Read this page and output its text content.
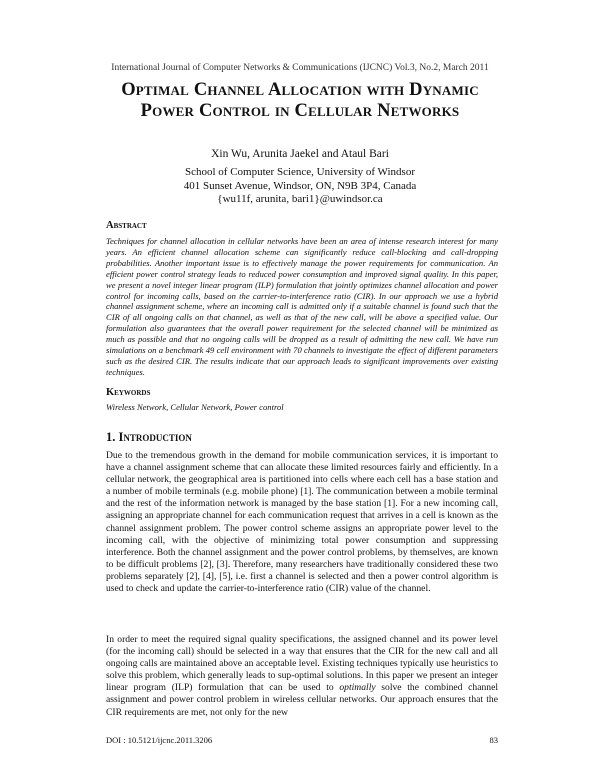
International Journal of Computer Networks & Communications (IJCNC) Vol.3, No.2, March 2011
Optimal Channel Allocation with Dynamic
Power Control in Cellular Networks
Xin Wu, Arunita Jaekel and Ataul Bari
School of Computer Science, University of Windsor
401 Sunset Avenue, Windsor, ON, N9B 3P4, Canada
{wu11f, arunita, bari1}@uwindsor.ca
Abstract
Techniques for channel allocation in cellular networks have been an area of intense research interest for many years. An efficient channel allocation scheme can significantly reduce call-blocking and call-dropping probabilities. Another important issue is to effectively manage the power requirements for communication. An efficient power control strategy leads to reduced power consumption and improved signal quality. In this paper, we present a novel integer linear program (ILP) formulation that jointly optimizes channel allocation and power control for incoming calls, based on the carrier-to-interference ratio (CIR). In our approach we use a hybrid channel assignment scheme, where an incoming call is admitted only if a suitable channel is found such that the CIR of all ongoing calls on that channel, as well as that of the new call, will be above a specified value. Our formulation also guarantees that the overall power requirement for the selected channel will be minimized as much as possible and that no ongoing calls will be dropped as a result of admitting the new call. We have run simulations on a benchmark 49 cell environment with 70 channels to investigate the effect of different parameters such as the desired CIR. The results indicate that our approach leads to significant improvements over existing techniques.
Keywords
Wireless Network, Cellular Network, Power control
1. Introduction
Due to the tremendous growth in the demand for mobile communication services, it is important to have a channel assignment scheme that can allocate these limited resources fairly and efficiently. In a cellular network, the geographical area is partitioned into cells where each cell has a base station and a number of mobile terminals (e.g. mobile phone) [1]. The communication between a mobile terminal and the rest of the information network is managed by the base station [1]. For a new incoming call, assigning an appropriate channel for each communication request that arrives in a cell is known as the channel assignment problem. The power control scheme assigns an appropriate power level to the incoming call, with the objective of minimizing total power consumption and suppressing interference. Both the channel assignment and the power control problems, by themselves, are known to be difficult problems [2], [3]. Therefore, many researchers have traditionally considered these two problems separately [2], [4], [5], i.e. first a channel is selected and then a power control algorithm is used to check and update the carrier-to-interference ratio (CIR) value of the channel.
In order to meet the required signal quality specifications, the assigned channel and its power level (for the incoming call) should be selected in a way that ensures that the CIR for the new call and all ongoing calls are maintained above an acceptable level. Existing techniques typically use heuristics to solve this problem, which generally leads to sup-optimal solutions. In this paper we present an integer linear program (ILP) formulation that can be used to optimally solve the combined channel assignment and power control problem in wireless cellular networks. Our approach ensures that the CIR requirements are met, not only for the new
DOI : 10.5121/ijcnc.2011.3206	83
